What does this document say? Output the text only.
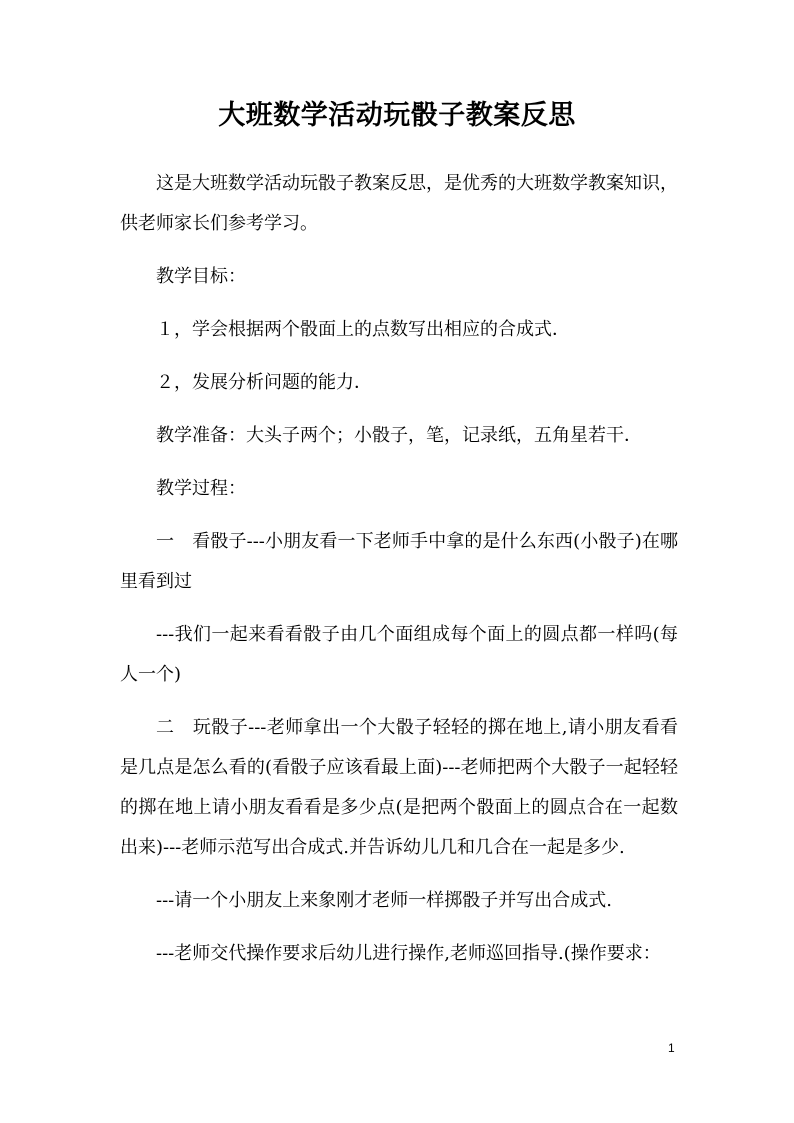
大班数学活动玩骰子教案反思

这是大班数学活动玩骰子教案反思，是优秀的大班数学教案知识，供老师家长们参考学习。

教学目标：

１，学会根据两个骰面上的点数写出相应的合成式．

２，发展分析问题的能力．

教学准备：大头子两个；小骰子，笔，记录纸，五角星若干．

教学过程：

一　看骰子---小朋友看一下老师手中拿的是什么东西(小骰子)在哪里看到过

---我们一起来看看骰子由几个面组成每个面上的圆点都一样吗(每人一个)

二　玩骰子---老师拿出一个大骰子轻轻的掷在地上,请小朋友看看是几点是怎么看的(看骰子应该看最上面)---老师把两个大骰子一起轻轻的掷在地上请小朋友看看是多少点(是把两个骰面上的圆点合在一起数出来)---老师示范写出合成式.并告诉幼儿几和几合在一起是多少.

---请一个小朋友上来象刚才老师一样掷骰子并写出合成式.

---老师交代操作要求后幼儿进行操作,老师巡回指导.(操作要求：

1
